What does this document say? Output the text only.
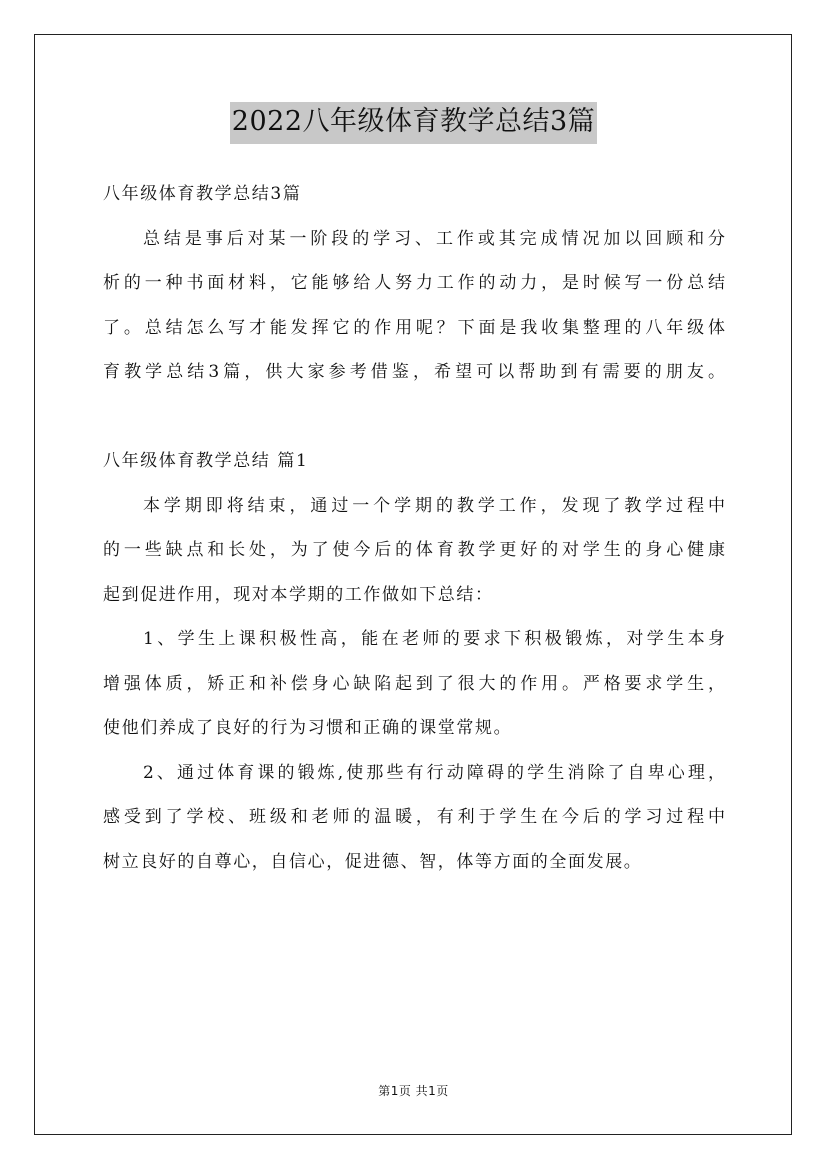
2022八年级体育教学总结3篇
八年级体育教学总结3篇
总结是事后对某一阶段的学习、工作或其完成情况加以回顾和分
析的一种书面材料，它能够给人努力工作的动力，是时候写一份总结
了。总结怎么写才能发挥它的作用呢？下面是我收集整理的八年级体
育教学总结3篇，供大家参考借鉴，希望可以帮助到有需要的朋友。
八年级体育教学总结 篇1
本学期即将结束，通过一个学期的教学工作，发现了教学过程中
的一些缺点和长处，为了使今后的体育教学更好的对学生的身心健康
起到促进作用，现对本学期的工作做如下总结：
1、学生上课积极性高，能在老师的要求下积极锻炼，对学生本身
增强体质，矫正和补偿身心缺陷起到了很大的作用。严格要求学生，
使他们养成了良好的行为习惯和正确的课堂常规。
2、通过体育课的锻炼,使那些有行动障碍的学生消除了自卑心理，
感受到了学校、班级和老师的温暖，有利于学生在今后的学习过程中
树立良好的自尊心，自信心，促进德、智，体等方面的全面发展。
第1页 共1页
